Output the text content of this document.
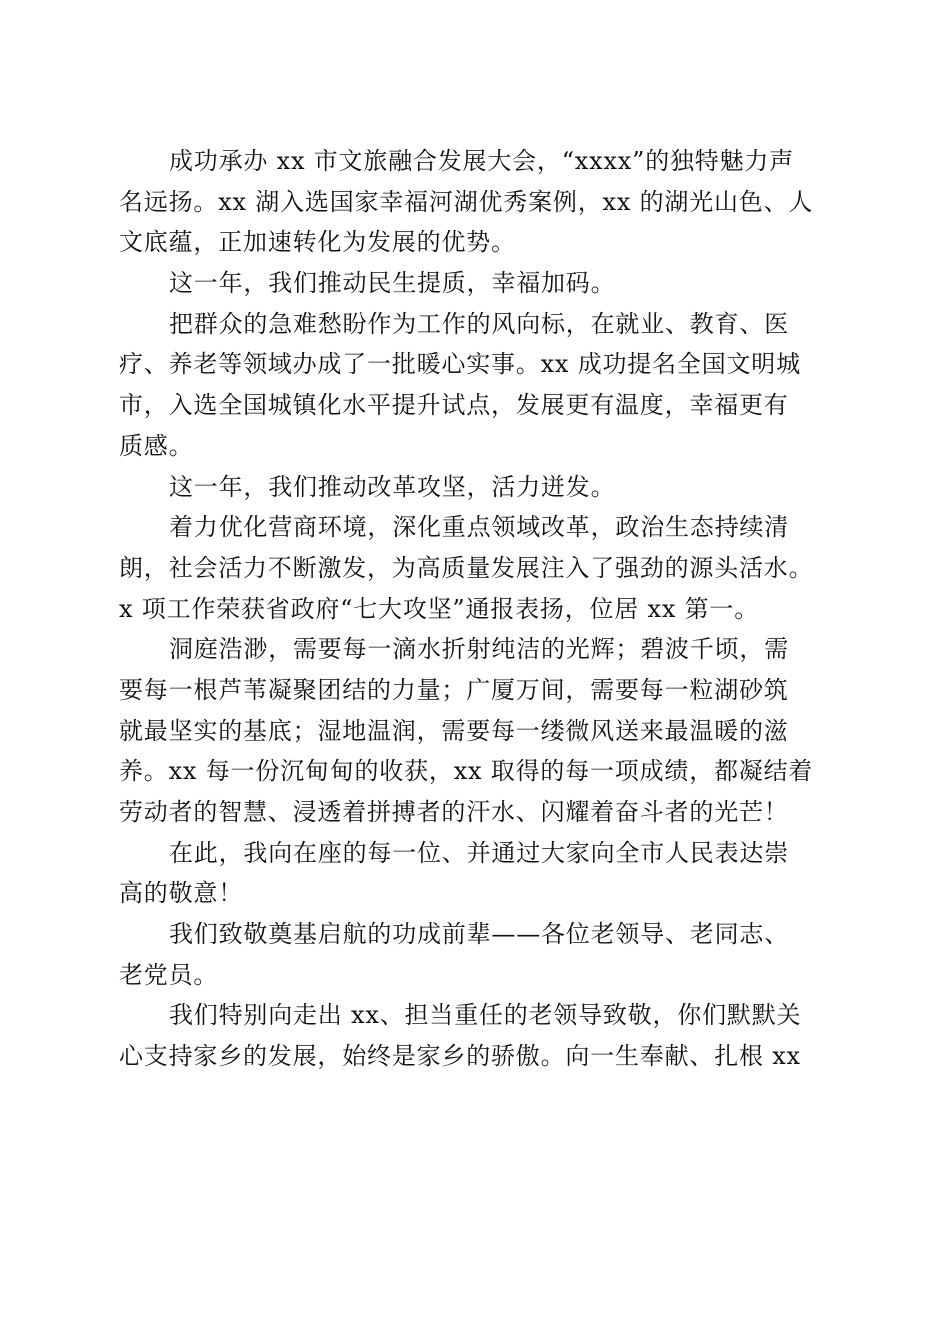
成功承办 xx 市文旅融合发展大会，“xxxx”的独特魅力声
名远扬。xx 湖入选国家幸福河湖优秀案例，xx 的湖光山色、人
文底蕴，正加速转化为发展的优势。
这一年，我们推动民生提质，幸福加码。
把群众的急难愁盼作为工作的风向标，在就业、教育、医
疗、养老等领域办成了一批暖心实事。xx 成功提名全国文明城
市，入选全国城镇化水平提升试点，发展更有温度，幸福更有
质感。
这一年，我们推动改革攻坚，活力迸发。
着力优化营商环境，深化重点领域改革，政治生态持续清
朗，社会活力不断激发，为高质量发展注入了强劲的源头活水。
x 项工作荣获省政府“七大攻坚”通报表扬，位居 xx 第一。
洞庭浩渺，需要每一滴水折射纯洁的光辉；碧波千顷，需
要每一根芦苇凝聚团结的力量；广厦万间，需要每一粒湖砂筑
就最坚实的基底；湿地温润，需要每一缕微风送来最温暖的滋
养。xx 每一份沉甸甸的收获，xx 取得的每一项成绩，都凝结着
劳动者的智慧、浸透着拼搏者的汗水、闪耀着奋斗者的光芒！
在此，我向在座的每一位、并通过大家向全市人民表达崇
高的敬意！
我们致敬奠基启航的功成前辈——各位老领导、老同志、
老党员。
我们特别向走出 xx、担当重任的老领导致敬，你们默默关
心支持家乡的发展，始终是家乡的骄傲。向一生奉献、扎根 xx
